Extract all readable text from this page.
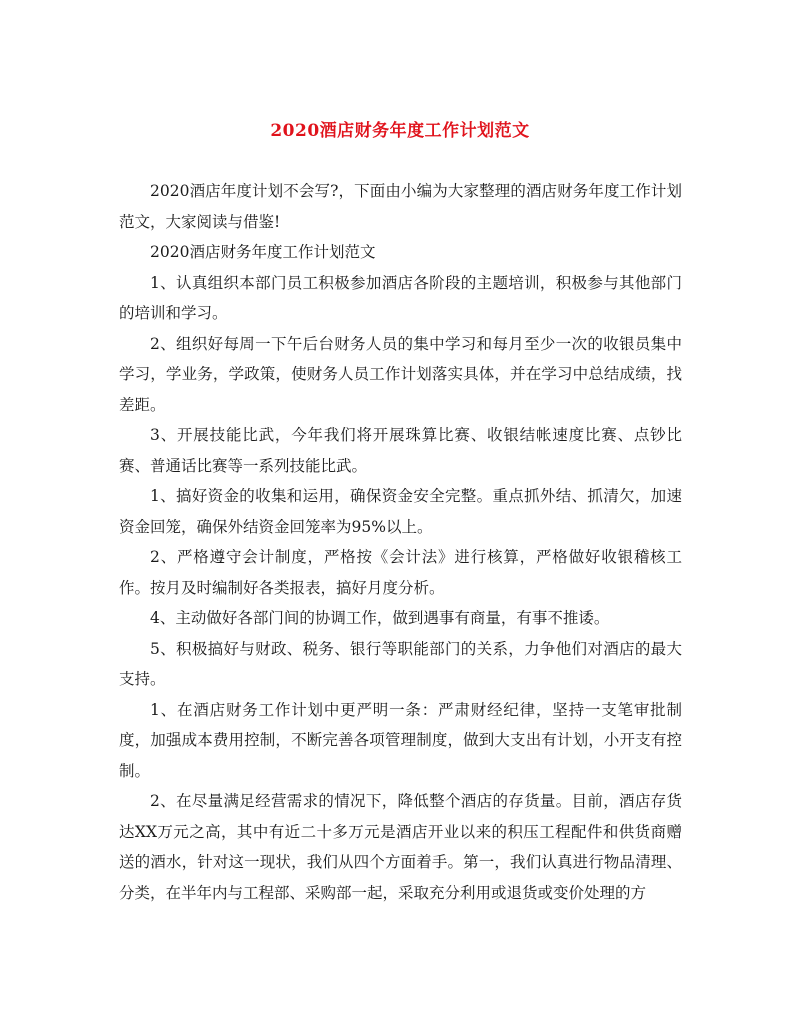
2020酒店财务年度工作计划范文

2020酒店年度计划不会写?，下面由小编为大家整理的酒店财务年度工作计划范文，大家阅读与借鉴!

2020酒店财务年度工作计划范文

1、认真组织本部门员工积极参加酒店各阶段的主题培训，积极参与其他部门的培训和学习。

2、组织好每周一下午后台财务人员的集中学习和每月至少一次的收银员集中学习，学业务，学政策，使财务人员工作计划落实具体，并在学习中总结成绩，找差距。

3、开展技能比武，今年我们将开展珠算比赛、收银结帐速度比赛、点钞比赛、普通话比赛等一系列技能比武。

1、搞好资金的收集和运用，确保资金安全完整。重点抓外结、抓清欠，加速资金回笼，确保外结资金回笼率为95%以上。

2、严格遵守会计制度，严格按《会计法》进行核算，严格做好收银稽核工作。按月及时编制好各类报表，搞好月度分析。

4、主动做好各部门间的协调工作，做到遇事有商量，有事不推诿。

5、积极搞好与财政、税务、银行等职能部门的关系，力争他们对酒店的最大支持。

1、在酒店财务工作计划中更严明一条：严肃财经纪律，坚持一支笔审批制度，加强成本费用控制，不断完善各项管理制度，做到大支出有计划，小开支有控制。

2、在尽量满足经营需求的情况下，降低整个酒店的存货量。目前，酒店存货达XX万元之高，其中有近二十多万元是酒店开业以来的积压工程配件和供货商赠送的酒水，针对这一现状，我们从四个方面着手。第一，我们认真进行物品清理、分类，在半年内与工程部、采购部一起，采取充分利用或退货或变价处理的方
